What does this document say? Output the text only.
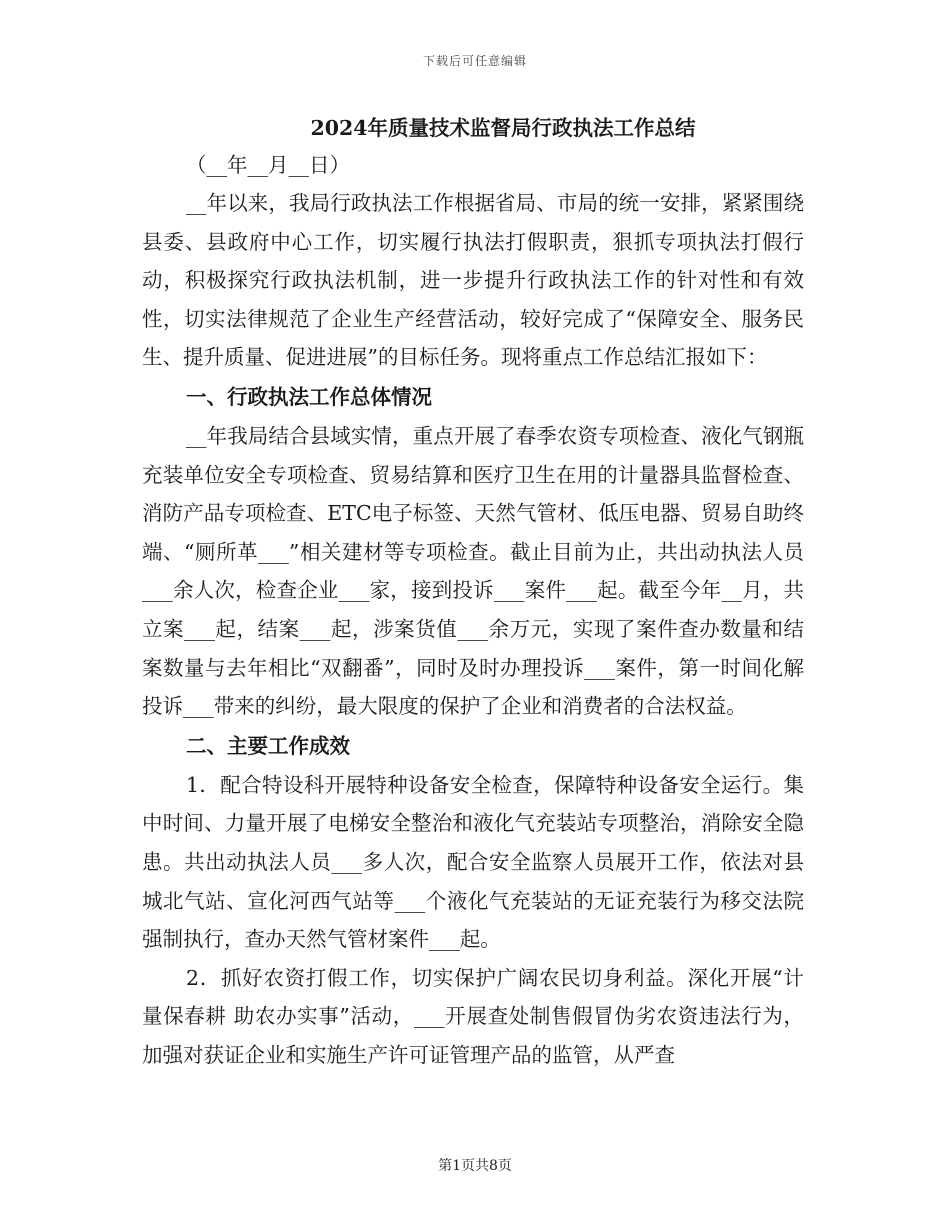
下载后可任意编辑

2024年质量技术监督局行政执法工作总结

（__年__月__日）

__年以来，我局行政执法工作根据省局、市局的统一安排，紧紧围绕县委、县政府中心工作，切实履行执法打假职责，狠抓专项执法打假行动，积极探究行政执法机制，进一步提升行政执法工作的针对性和有效性，切实法律规范了企业生产经营活动，较好完成了“保障安全、服务民生、提升质量、促进进展”的目标任务。现将重点工作总结汇报如下：

一、行政执法工作总体情况

__年我局结合县域实情，重点开展了春季农资专项检查、液化气钢瓶充装单位安全专项检查、贸易结算和医疗卫生在用的计量器具监督检查、消防产品专项检查、ETC电子标签、天然气管材、低压电器、贸易自助终端、“厕所革___”相关建材等专项检查。截止目前为止，共出动执法人员___余人次，检查企业___家，接到投诉___案件___起。截至今年__月，共立案___起，结案___起，涉案货值___余万元，实现了案件查办数量和结案数量与去年相比“双翻番”，同时及时办理投诉___案件，第一时间化解投诉___带来的纠纷，最大限度的保护了企业和消费者的合法权益。

二、主要工作成效

1．配合特设科开展特种设备安全检查，保障特种设备安全运行。集中时间、力量开展了电梯安全整治和液化气充装站专项整治，消除安全隐患。共出动执法人员___多人次，配合安全监察人员展开工作，依法对县城北气站、宣化河西气站等___个液化气充装站的无证充装行为移交法院强制执行，查办天然气管材案件___起。

2．抓好农资打假工作，切实保护广阔农民切身利益。深化开展“计量保春耕 助农办实事”活动，___开展查处制售假冒伪劣农资违法行为，加强对获证企业和实施生产许可证管理产品的监管，从严查

第1页共8页
